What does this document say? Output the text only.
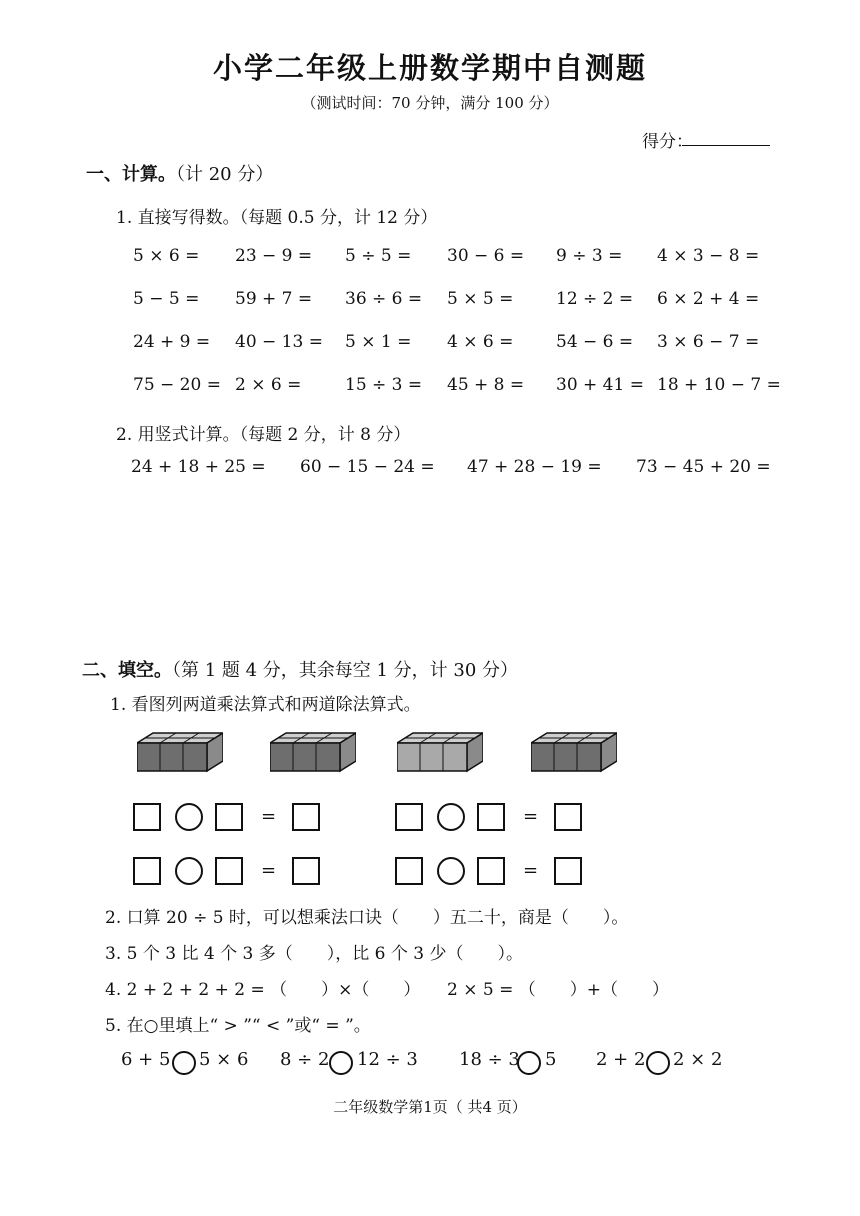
小学二年级上册数学期中自测题
（测试时间：70 分钟，满分 100 分）
得分：
一、计算。（计 20 分）
1. 直接写得数。（每题 0.5 分，计 12 分）
5 × 6 = 23 − 9 = 5 ÷ 5 = 30 − 6 = 9 ÷ 3 = 4 × 3 − 8 =
5 − 5 = 59 + 7 = 36 ÷ 6 = 5 × 5 =	12 ÷ 2 = 6 × 2 + 4 =
24 + 9 = 40 − 13 = 5 × 1 = 4 × 6 =	54 − 6 = 3 × 6 − 7 =
75 − 20 = 2 × 6 =	15 ÷ 3 = 45 + 8 = 30 + 41 = 18 + 10 − 7 =
2. 用竖式计算。（每题 2 分，计 8 分）
24 + 18 + 25 = 60 − 15 − 24 = 47 + 28 − 19 = 73 − 45 + 20 =
二、填空。（第 1 题 4 分，其余每空 1 分，计 30 分）
1. 看图列两道乘法算式和两道除法算式。
=	=
=	=
2. 口算 20 ÷ 5 时，可以想乘法口诀（　　）五二十，商是（　　）。
3. 5 个 3 比 4 个 3 多（　　），比 6 个 3 少（　　）。
4. 2 + 2 + 2 + 2 = （　　）×（　　） 2 × 5 = （　　）+（　　）
5. 在○里填上“ > ”“ < ”或“ = ”。
6 + 5 5 × 6 8 ÷ 2 12 ÷ 3 18 ÷ 3 5 2 + 2 2 × 2
二年级数学第1页（ 共4 页）
